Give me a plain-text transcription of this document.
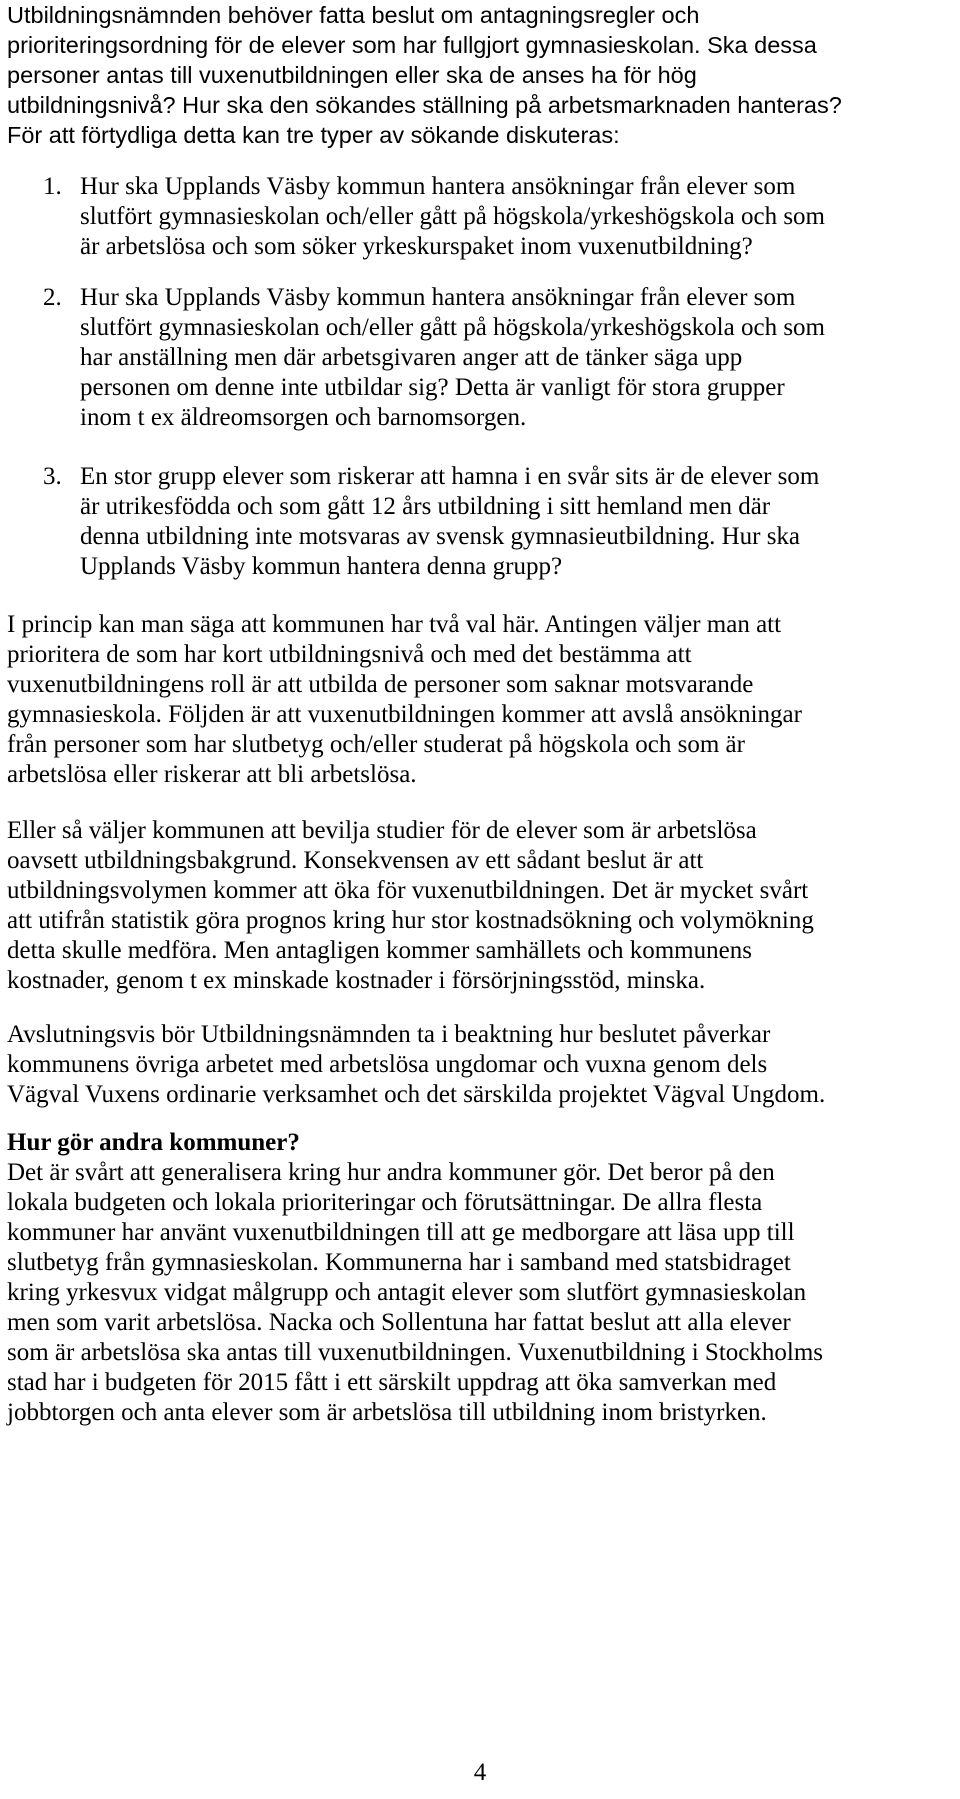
Utbildningsnämnden behöver fatta beslut om antagningsregler och
prioriteringsordning för de elever som har fullgjort gymnasieskolan. Ska dessa
personer antas till vuxenutbildningen eller ska de anses ha för hög
utbildningsnivå? Hur ska den sökandes ställning på arbetsmarknaden hanteras?
För att förtydliga detta kan tre typer av sökande diskuteras:
1. Hur ska Upplands Väsby kommun hantera ansökningar från elever som
slutfört gymnasieskolan och/eller gått på högskola/yrkeshögskola och som
är arbetslösa och som söker yrkeskurspaket inom vuxenutbildning?
2. Hur ska Upplands Väsby kommun hantera ansökningar från elever som
slutfört gymnasieskolan och/eller gått på högskola/yrkeshögskola och som
har anställning men där arbetsgivaren anger att de tänker säga upp
personen om denne inte utbildar sig? Detta är vanligt för stora grupper
inom t ex äldreomsorgen och barnomsorgen.
3. En stor grupp elever som riskerar att hamna i en svår sits är de elever som
är utrikesfödda och som gått 12 års utbildning i sitt hemland men där
denna utbildning inte motsvaras av svensk gymnasieutbildning. Hur ska
Upplands Väsby kommun hantera denna grupp?
I princip kan man säga att kommunen har två val här. Antingen väljer man att
prioritera de som har kort utbildningsnivå och med det bestämma att
vuxenutbildningens roll är att utbilda de personer som saknar motsvarande
gymnasieskola. Följden är att vuxenutbildningen kommer att avslå ansökningar
från personer som har slutbetyg och/eller studerat på högskola och som är
arbetslösa eller riskerar att bli arbetslösa.
Eller så väljer kommunen att bevilja studier för de elever som är arbetslösa
oavsett utbildningsbakgrund. Konsekvensen av ett sådant beslut är att
utbildningsvolymen kommer att öka för vuxenutbildningen. Det är mycket svårt
att utifrån statistik göra prognos kring hur stor kostnadsökning och volymökning
detta skulle medföra. Men antagligen kommer samhällets och kommunens
kostnader, genom t ex minskade kostnader i försörjningsstöd, minska.
Avslutningsvis bör Utbildningsnämnden ta i beaktning hur beslutet påverkar
kommunens övriga arbetet med arbetslösa ungdomar och vuxna genom dels
Vägval Vuxens ordinarie verksamhet och det särskilda projektet Vägval Ungdom.
Hur gör andra kommuner?
Det är svårt att generalisera kring hur andra kommuner gör. Det beror på den
lokala budgeten och lokala prioriteringar och förutsättningar. De allra flesta
kommuner har använt vuxenutbildningen till att ge medborgare att läsa upp till
slutbetyg från gymnasieskolan. Kommunerna har i samband med statsbidraget
kring yrkesvux vidgat målgrupp och antagit elever som slutfört gymnasieskolan
men som varit arbetslösa. Nacka och Sollentuna har fattat beslut att alla elever
som är arbetslösa ska antas till vuxenutbildningen. Vuxenutbildning i Stockholms
stad har i budgeten för 2015 fått i ett särskilt uppdrag att öka samverkan med
jobbtorgen och anta elever som är arbetslösa till utbildning inom bristyrken.
4
